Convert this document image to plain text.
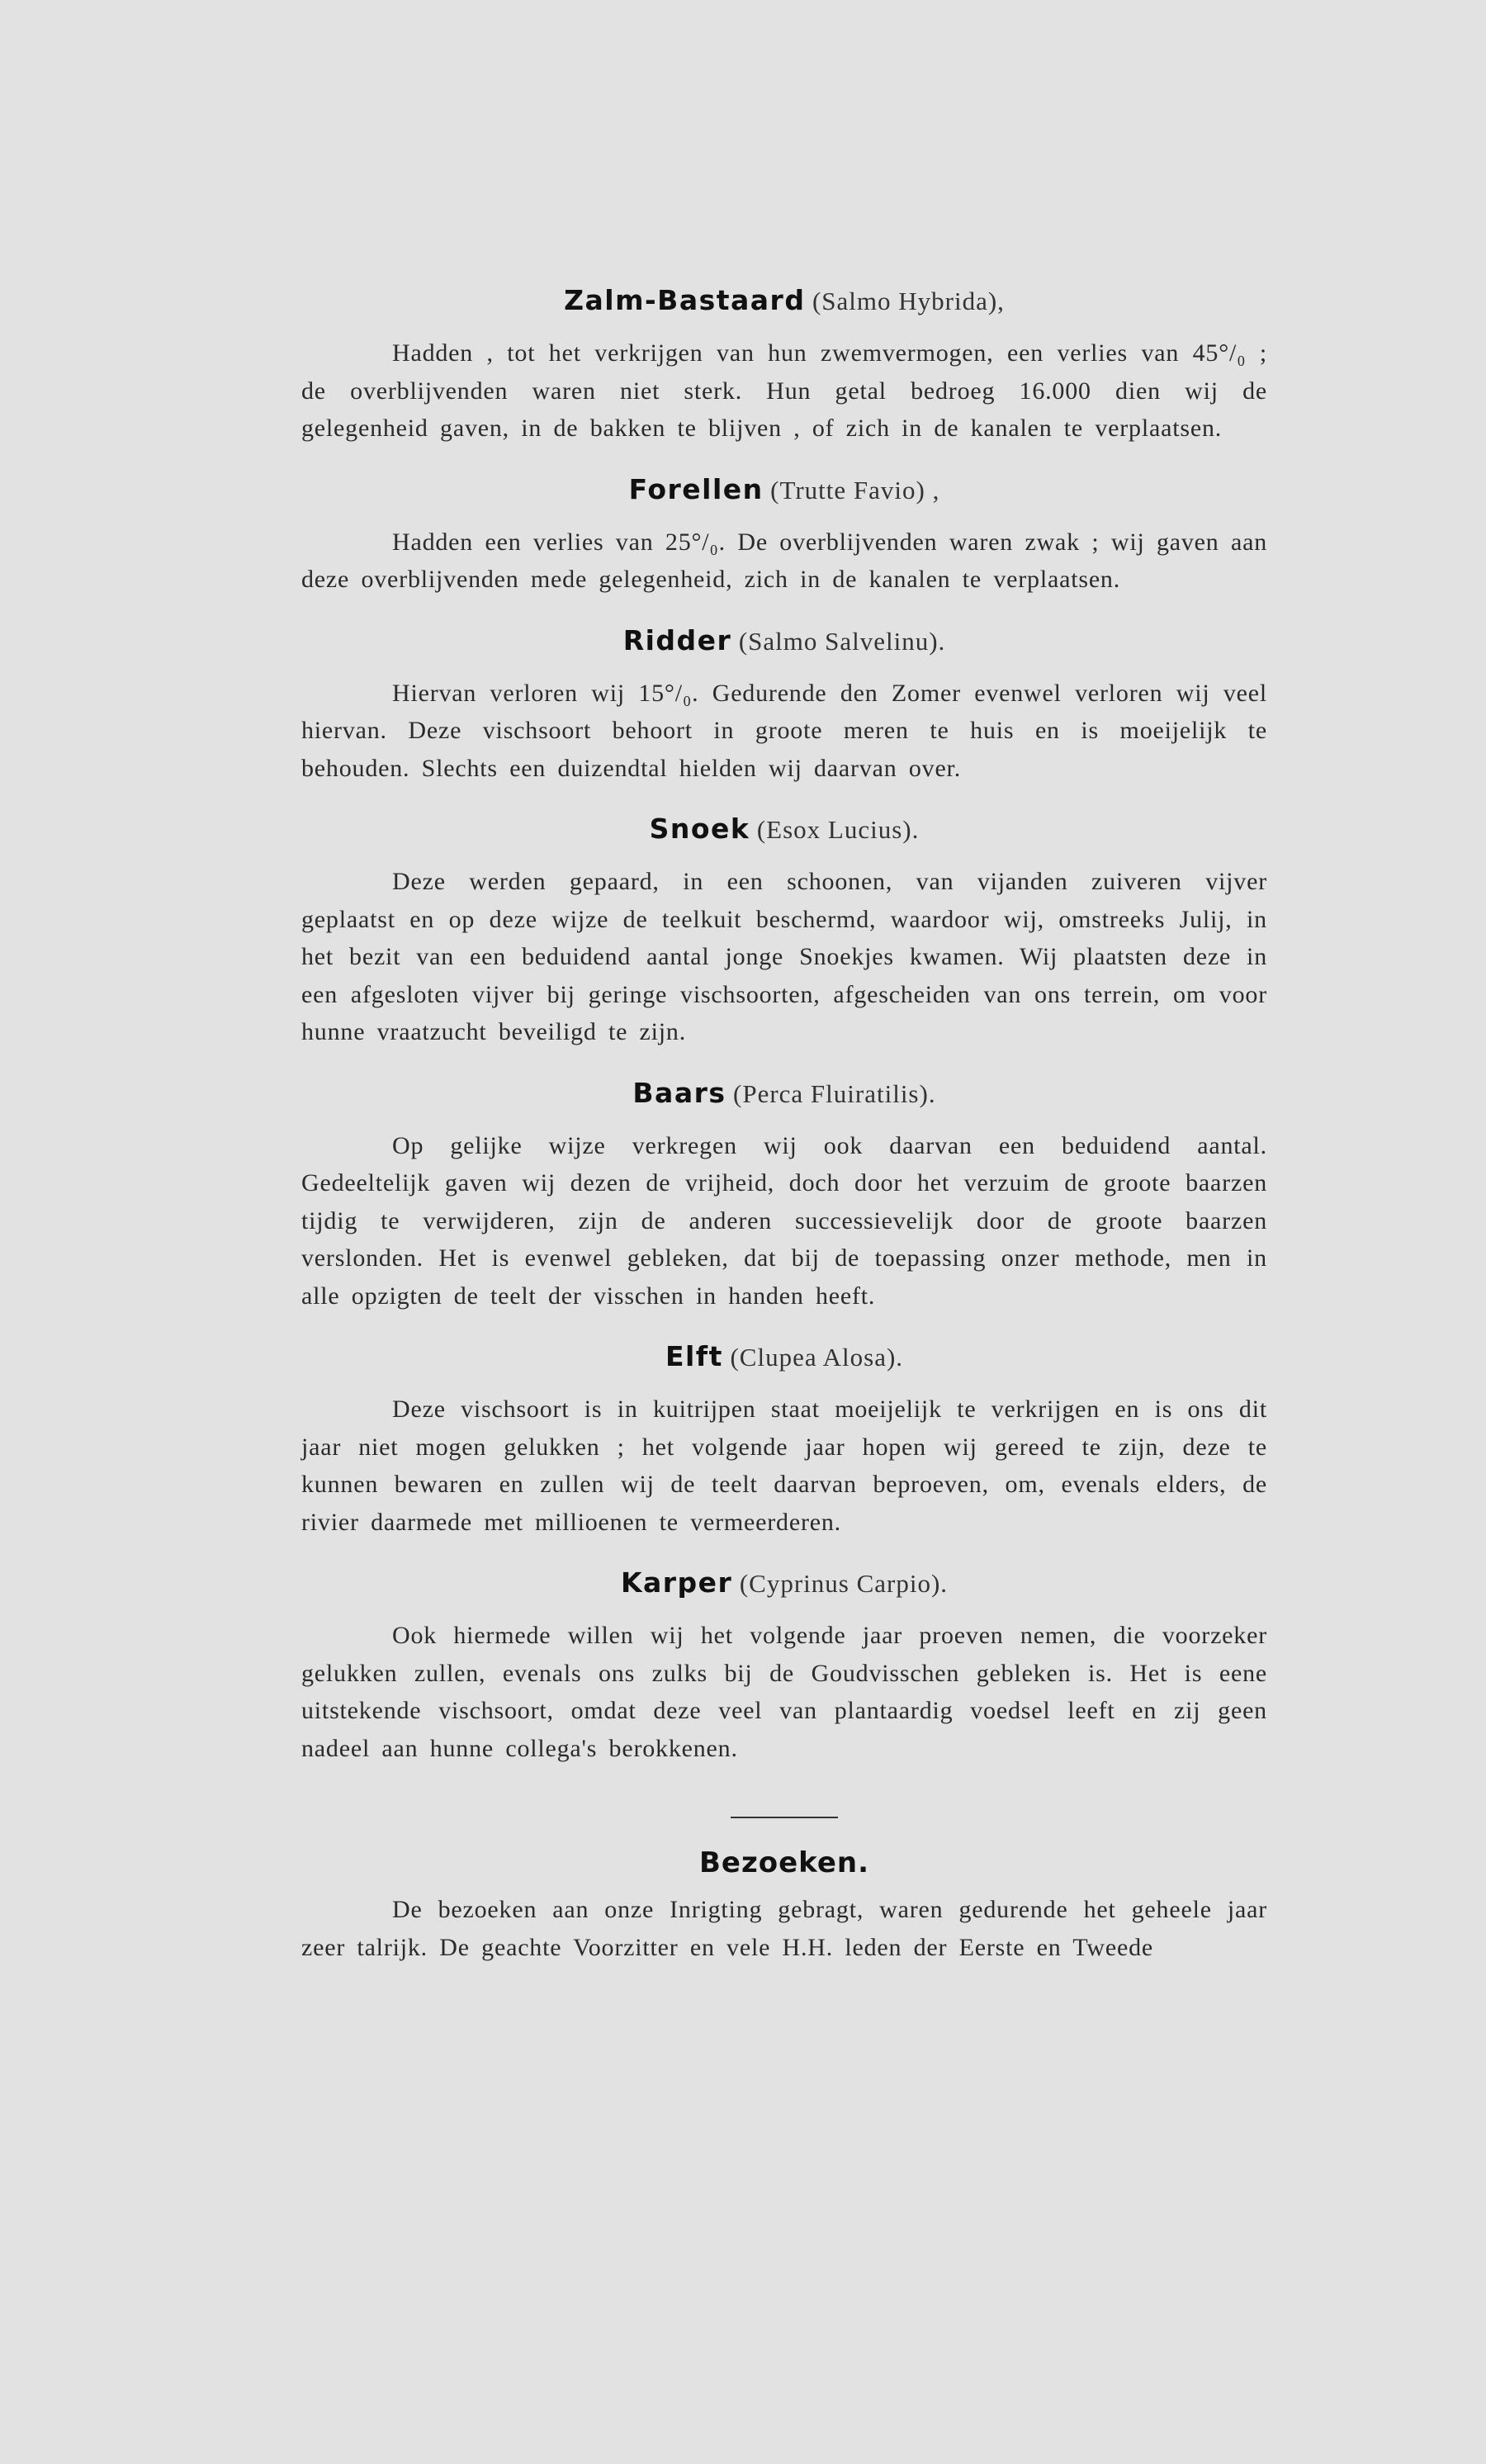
Zalm-Bastaard (Salmo Hybrida),

Hadden , tot het verkrijgen van hun zwemvermogen, een verlies van 45°/₀ ; de overblijvenden waren niet sterk. Hun getal bedroeg 16.000 dien wij de gelegenheid gaven, in de bakken te blijven , of zich in de kanalen te verplaatsen.

Forellen (Trutte Favio) ,

Hadden een verlies van 25°/₀. De overblijvenden waren zwak ; wij gaven aan deze overblijvenden mede gelegenheid, zich in de kanalen te verplaatsen.

Ridder (Salmo Salvelinu).

Hiervan verloren wij 15°/₀. Gedurende den Zomer evenwel verloren wij veel hiervan. Deze vischsoort behoort in groote meren te huis en is moeijelijk te behouden. Slechts een duizendtal hielden wij daarvan over.

Snoek (Esox Lucius).

Deze werden gepaard, in een schoonen, van vijanden zuiveren vijver geplaatst en op deze wijze de teelkuit beschermd, waardoor wij, omstreeks Julij, in het bezit van een beduidend aantal jonge Snoekjes kwamen. Wij plaatsten deze in een afgesloten vijver bij geringe vischsoorten, afgescheiden van ons terrein, om voor hunne vraatzucht beveiligd te zijn.

Baars (Perca Fluiratilis).

Op gelijke wijze verkregen wij ook daarvan een beduidend aantal. Gedeeltelijk gaven wij dezen de vrijheid, doch door het verzuim de groote baarzen tijdig te verwijderen, zijn de anderen successievelijk door de groote baarzen verslonden. Het is evenwel gebleken, dat bij de toepassing onzer methode, men in alle opzigten de teelt der visschen in handen heeft.

Elft (Clupea Alosa).

Deze vischsoort is in kuitrijpen staat moeijelijk te verkrijgen en is ons dit jaar niet mogen gelukken ; het volgende jaar hopen wij gereed te zijn, deze te kunnen bewaren en zullen wij de teelt daarvan beproeven, om, evenals elders, de rivier daarmede met millioenen te vermeerderen.

Karper (Cyprinus Carpio).

Ook hiermede willen wij het volgende jaar proeven nemen, die voorzeker gelukken zullen, evenals ons zulks bij de Goudvisschen gebleken is. Het is eene uitstekende vischsoort, omdat deze veel van plantaardig voedsel leeft en zij geen nadeel aan hunne collega's berokkenen.

Bezoeken.

De bezoeken aan onze Inrigting gebragt, waren gedurende het geheele jaar zeer talrijk. De geachte Voorzitter en vele H.H. leden der Eerste en Tweede
